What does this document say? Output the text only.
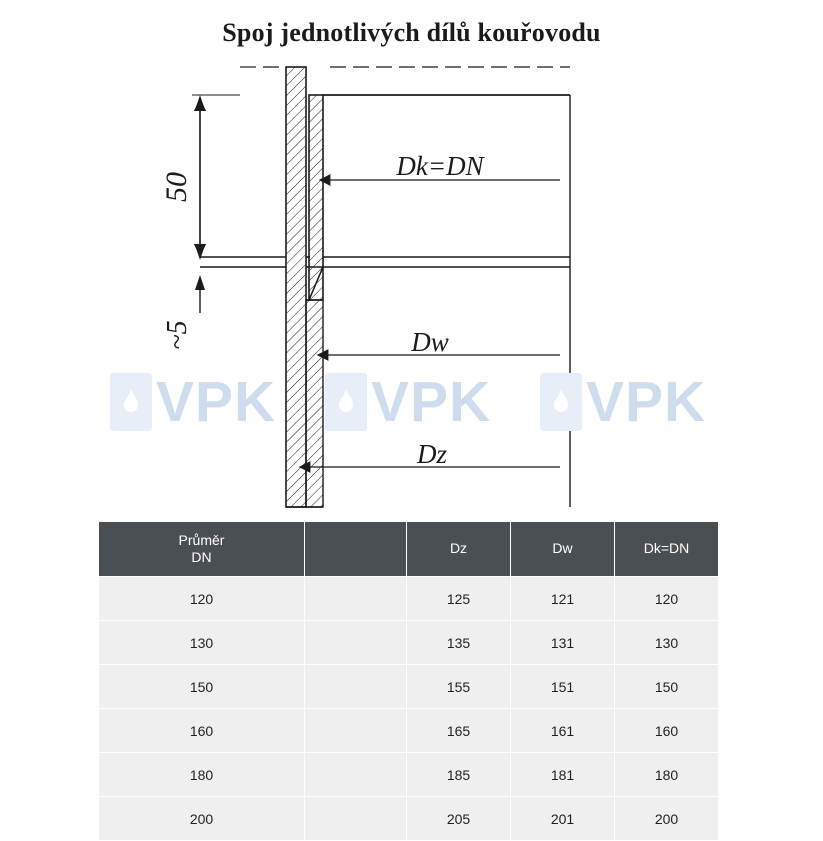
Spoj jednotlivých dílů kouřovodu
50
~5
Dk=DN
Dw
Dz
VPK VPK VPK
Průměr
DN		Dz	Dw	Dk=DN
120		125	121	120
130		135	131	130
150		155	151	150
160		165	161	160
180		185	181	180
200		205	201	200
